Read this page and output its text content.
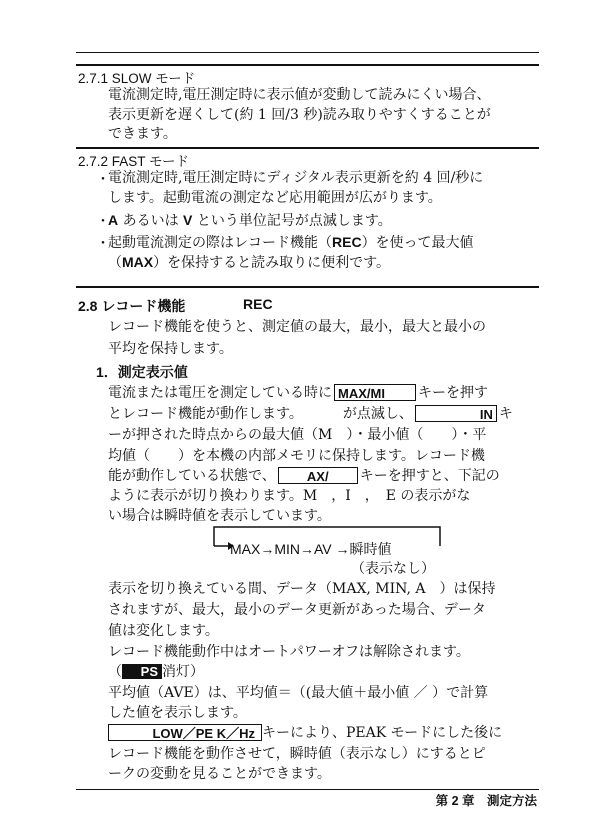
2.7.1 SLOW モード
電流測定時,電圧測定時に表示値が変動して読みにくい場合、
表示更新を遅くして(約 1 回/3 秒)読み取りやすくすることが
できます。
2.7.2 FAST モード
・
電流測定時,電圧測定時にディジタル表示更新を約 4 回/秒に
します。起動電流の測定など応用範囲が広がります。
・
A あるいは V という単位記号が点滅します。
・
起動電流測定の際はレコード機能（REC）を使って最大値
（MAX）を保持すると読み取りに便利です。
2.8 レコード機能	REC
レコード機能を使うと、測定値の最大，最小，最大と最小の
平均を保持します。
1．測定表示値
電流または電圧を測定している時に MAX/MI キーを押す
とレコード機能が動作します。	が点滅し、	IN キ
ーが押された時点からの最大値（M　）・最小値（　　）・平
均値（　　）を本機の内部メモリに保持します。レコード機
能が動作している状態で、 AX/ キーを押すと、下記の
ように表示が切り換わります。M　，I　，　E の表示がな
い場合は瞬時値を表示しています。
MAX→MIN→AV →瞬時値
（表示なし）
表示を切り換えている間、データ（MAX, MIN, A　）は保持
されますが、最大，最小のデータ更新があった場合、データ
値は変化します。
レコード機能動作中はオートパワーオフは解除されます。
（ PS 消灯）
平均値（AVE）は、平均値＝（(最大値＋最小値 ／ ）で計算
した値を表示します。
LOW／PE K／Hz キーにより、PEAK モードにした後に
レコード機能を動作させて，瞬時値（表示なし）にするとピ
ークの変動を見ることができます。
第 2 章　測定方法
